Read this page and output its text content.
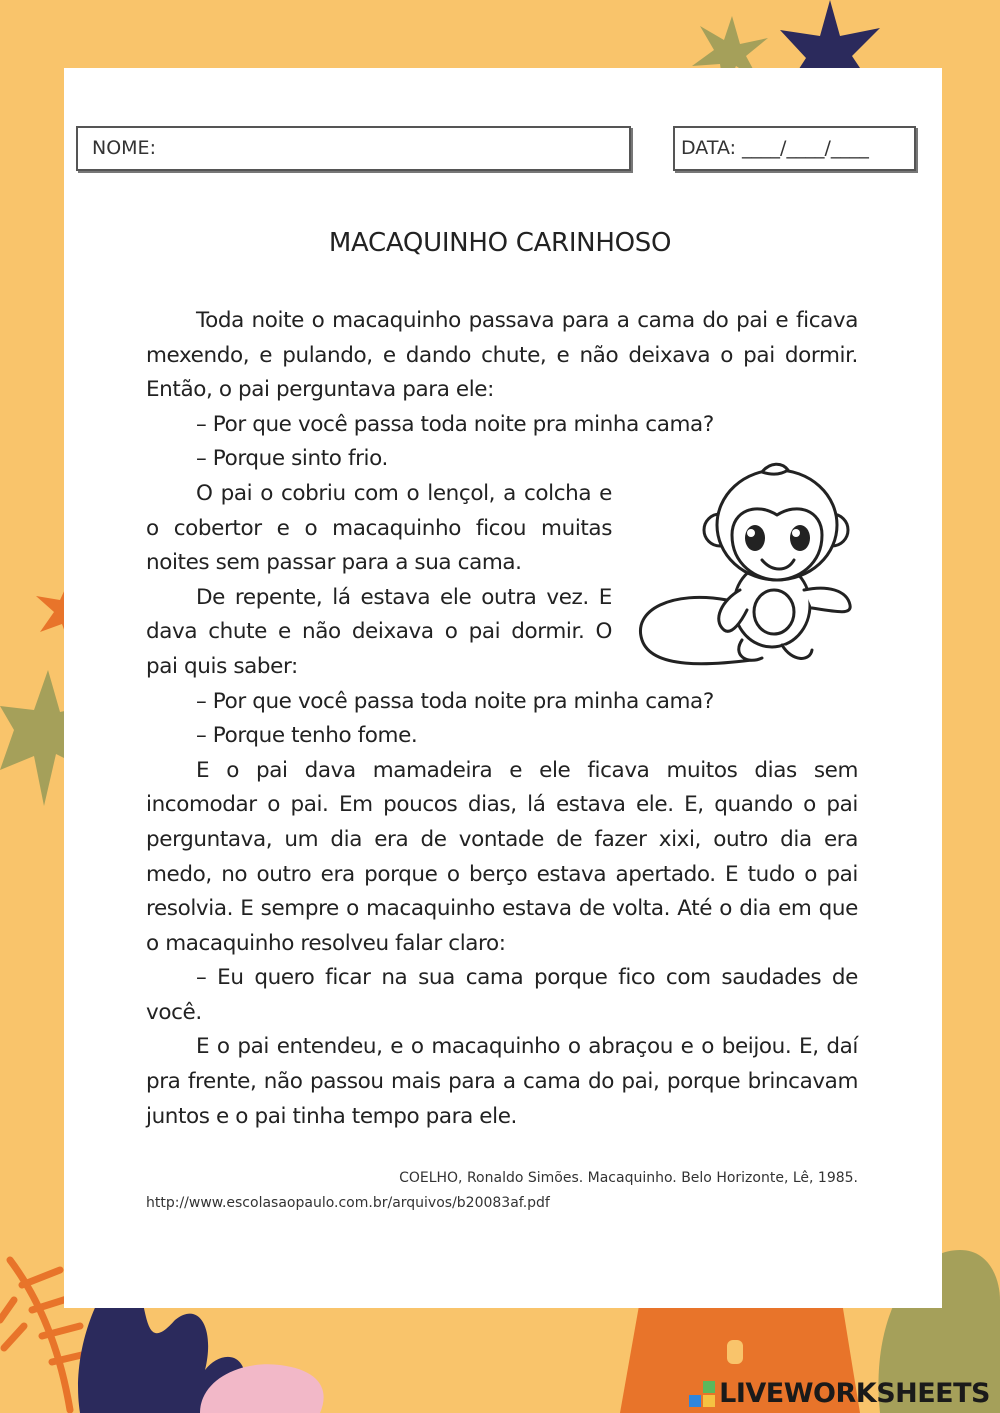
NOME:	DATA: ____/____/____
MACAQUINHO CARINHOSO

Toda noite o macaquinho passava para a cama do pai e ficava mexendo, e pulando, e dando chute, e não deixava o pai dormir. Então, o pai perguntava para ele:

– Por que você passa toda noite pra minha cama?

– Porque sinto frio.

O pai o cobriu com o lençol, a colcha e o cobertor e o macaquinho ficou muitas noites sem passar para a sua cama.

De repente, lá estava ele outra vez. E dava chute e não deixava o pai dormir. O pai quis saber:

– Por que você passa toda noite pra minha cama?

– Porque tenho fome.

E o pai dava mamadeira e ele ficava muitos dias sem incomodar o pai. Em poucos dias, lá estava ele. E, quando o pai perguntava, um dia era de vontade de fazer xixi, outro dia era medo, no outro era porque o berço estava apertado. E tudo o pai resolvia. E sempre o macaquinho estava de volta. Até o dia em que o macaquinho resolveu falar claro:

– Eu quero ficar na sua cama porque fico com saudades de você.

E o pai entendeu, e o macaquinho o abraçou e o beijou. E, daí pra frente, não passou mais para a cama do pai, porque brincavam juntos e o pai tinha tempo para ele.

COELHO, Ronaldo Simões. Macaquinho. Belo Horizonte, Lê, 1985.
http://www.escolasaopaulo.com.br/arquivos/b20083af.pdf
LIVEWORKSHEETS
